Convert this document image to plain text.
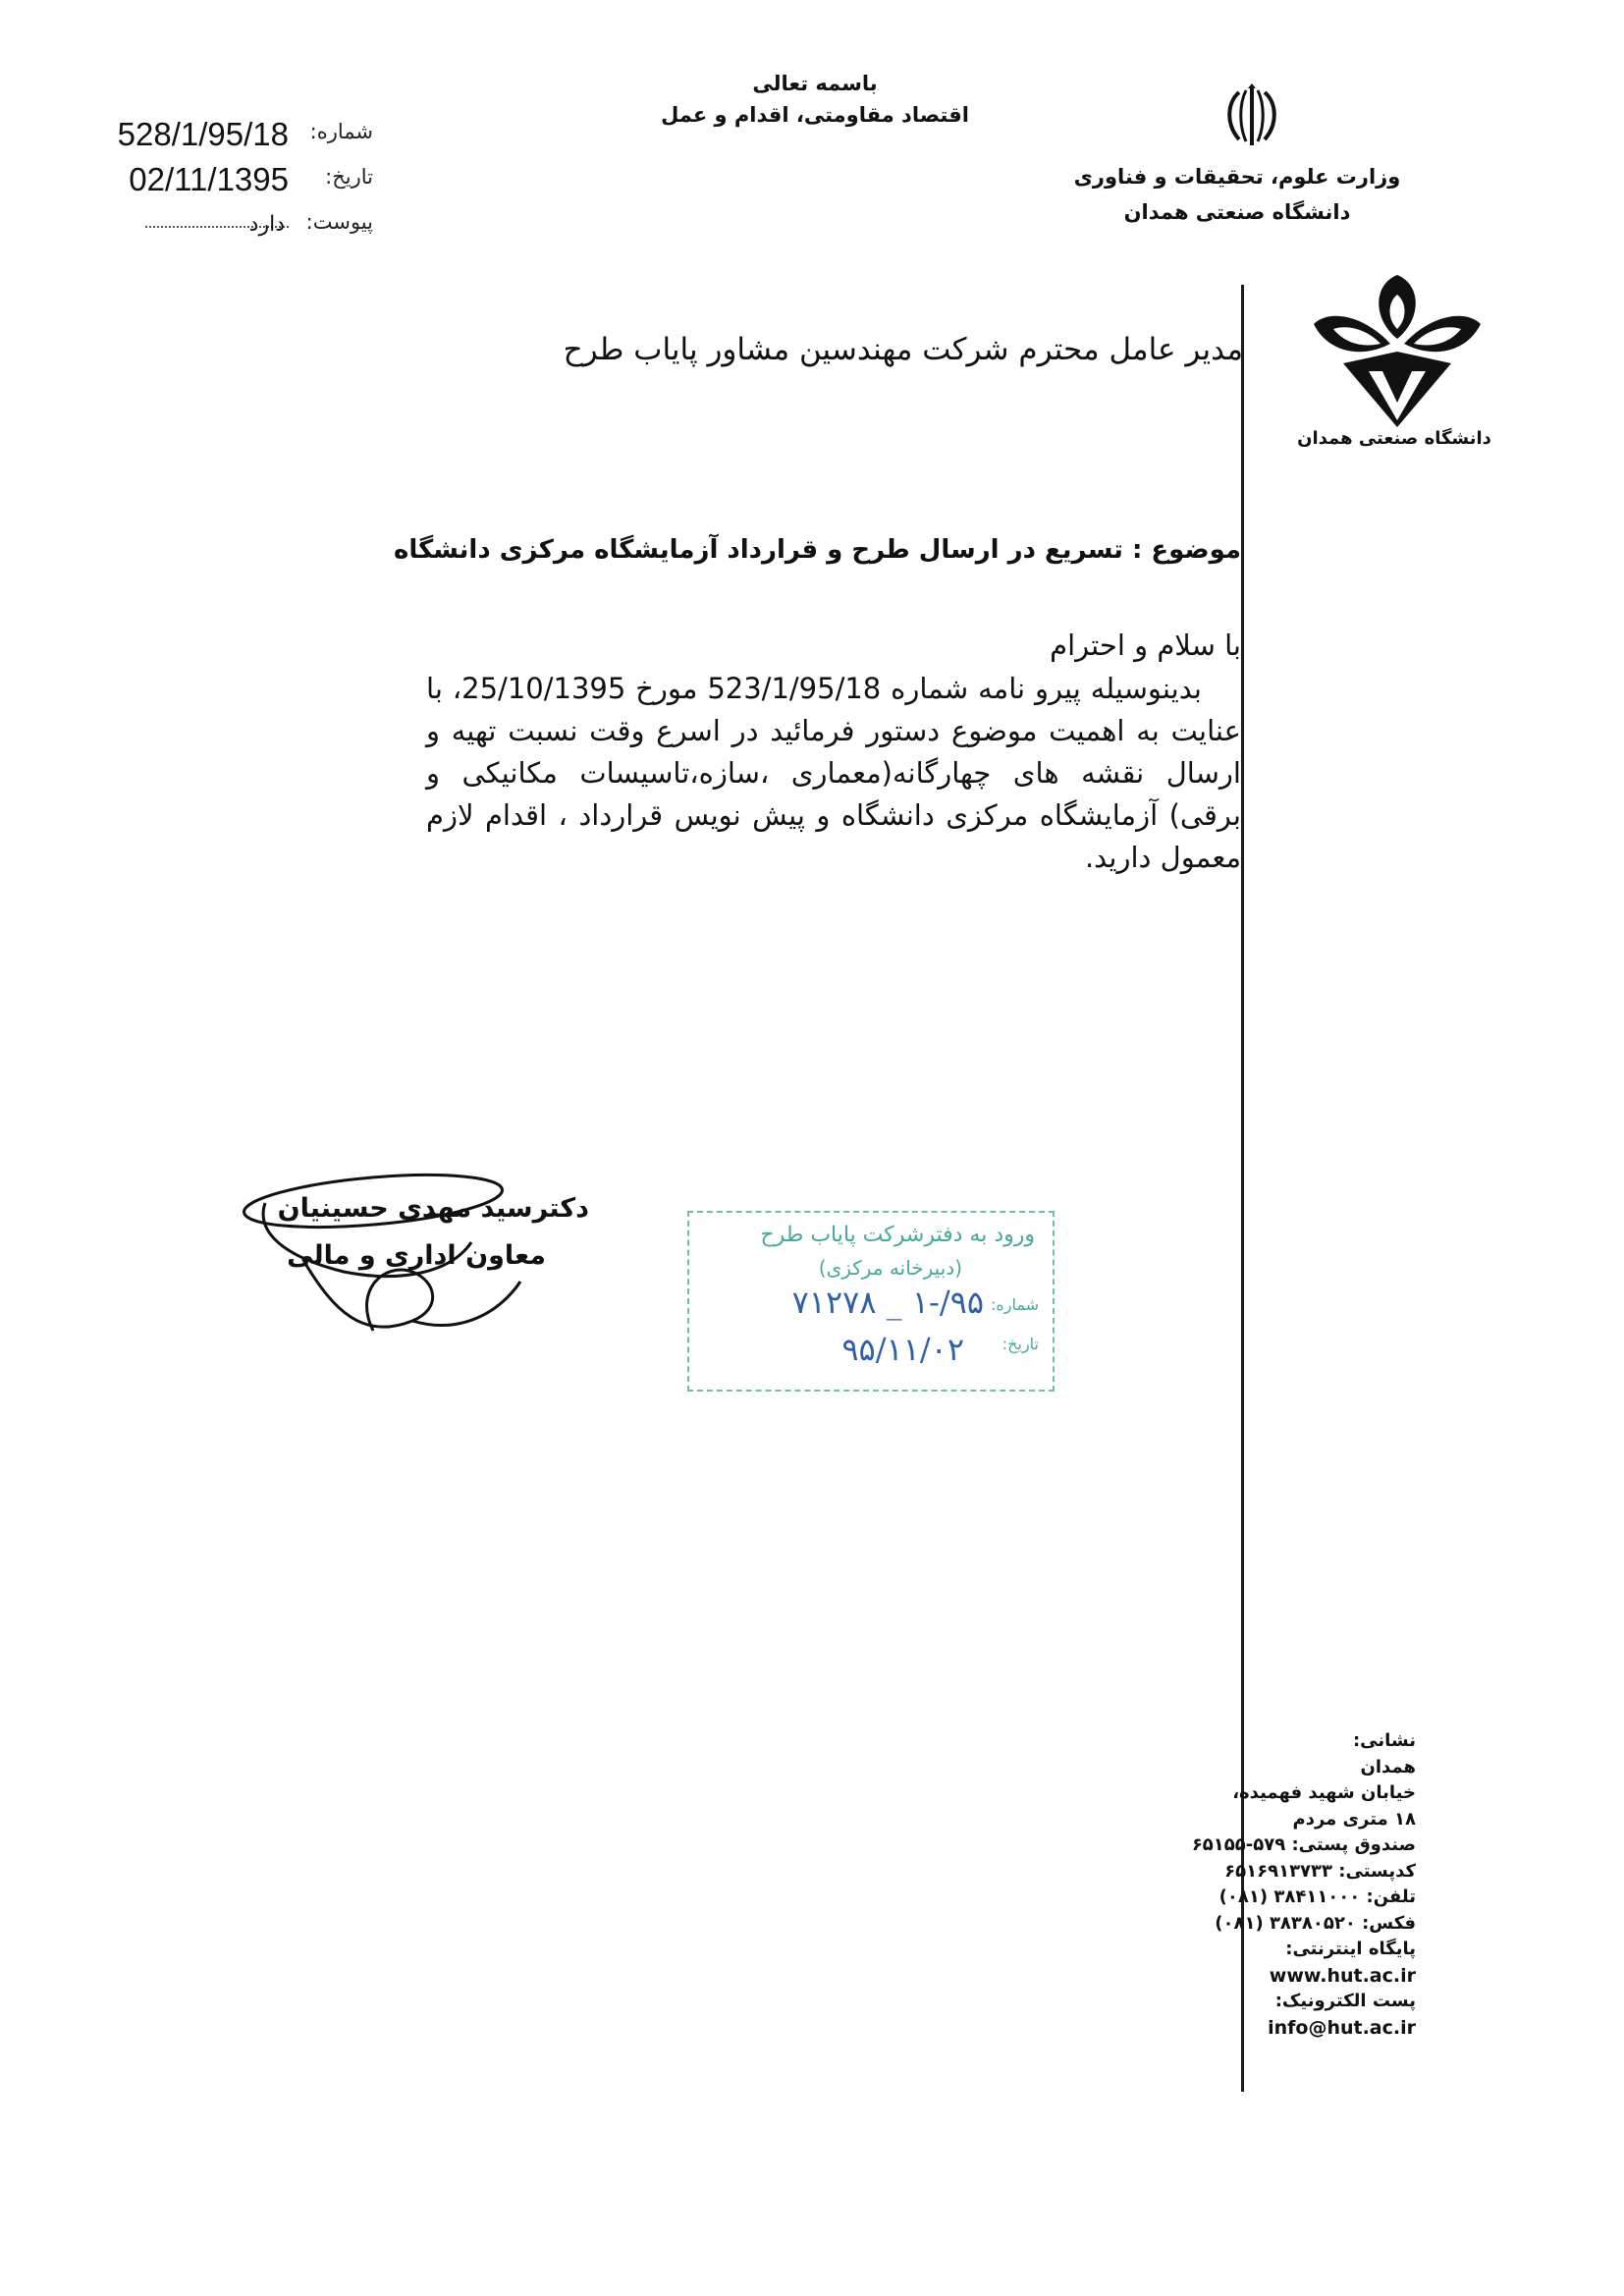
باسمه تعالی
اقتصاد مقاومتی، اقدام و عمل
وزارت علوم، تحقیقات و فناوری
دانشگاه صنعتی همدان
شماره:
528/1/95/18
تاریخ:
02/11/1395
پیوست:
دارد
دانشگاه صنعتی همدان
مدیر عامل محترم شرکت مهندسین مشاور پایاب طرح
موضوع : تسریع در ارسال طرح و قرارداد آزمایشگاه مرکزی دانشگاه
با سلام و احترام
بدینوسیله پیرو نامه شماره 523/1/95/18 مورخ 25/10/1395، با عنایت به اهمیت موضوع دستور فرمائید در اسرع وقت نسبت تهیه و ارسال نقشه های چهارگانه(معماری ،سازه،تاسیسات مکانیکی و برقی) آزمایشگاه مرکزی دانشگاه و پیش نویس قرارداد ، اقدام لازم معمول دارید.
دکترسید مهدی حسینیان
معاون اداری و مالی
ورود به دفترشرکت پایاب طرح
(دبیرخانه مرکزی)
شماره:
تاریخ:
۷۱۲۷۸ _ ۱-/۹۵
۹۵/۱۱/۰۲
نشانی:
همدان
خیابان شهید فهمیده،
۱۸ متری مردم
صندوق پستی: ۵۷۹-۶۵۱۵۵
کدپستی: ۶۵۱۶۹۱۳۷۳۳
تلفن: ۳۸۴۱۱۰۰۰ (۰۸۱)
فکس: ۳۸۳۸۰۵۲۰ (۰۸۱)
پایگاه اینترنتی:
www.hut.ac.ir
پست الکترونیک:
info@hut.ac.ir
